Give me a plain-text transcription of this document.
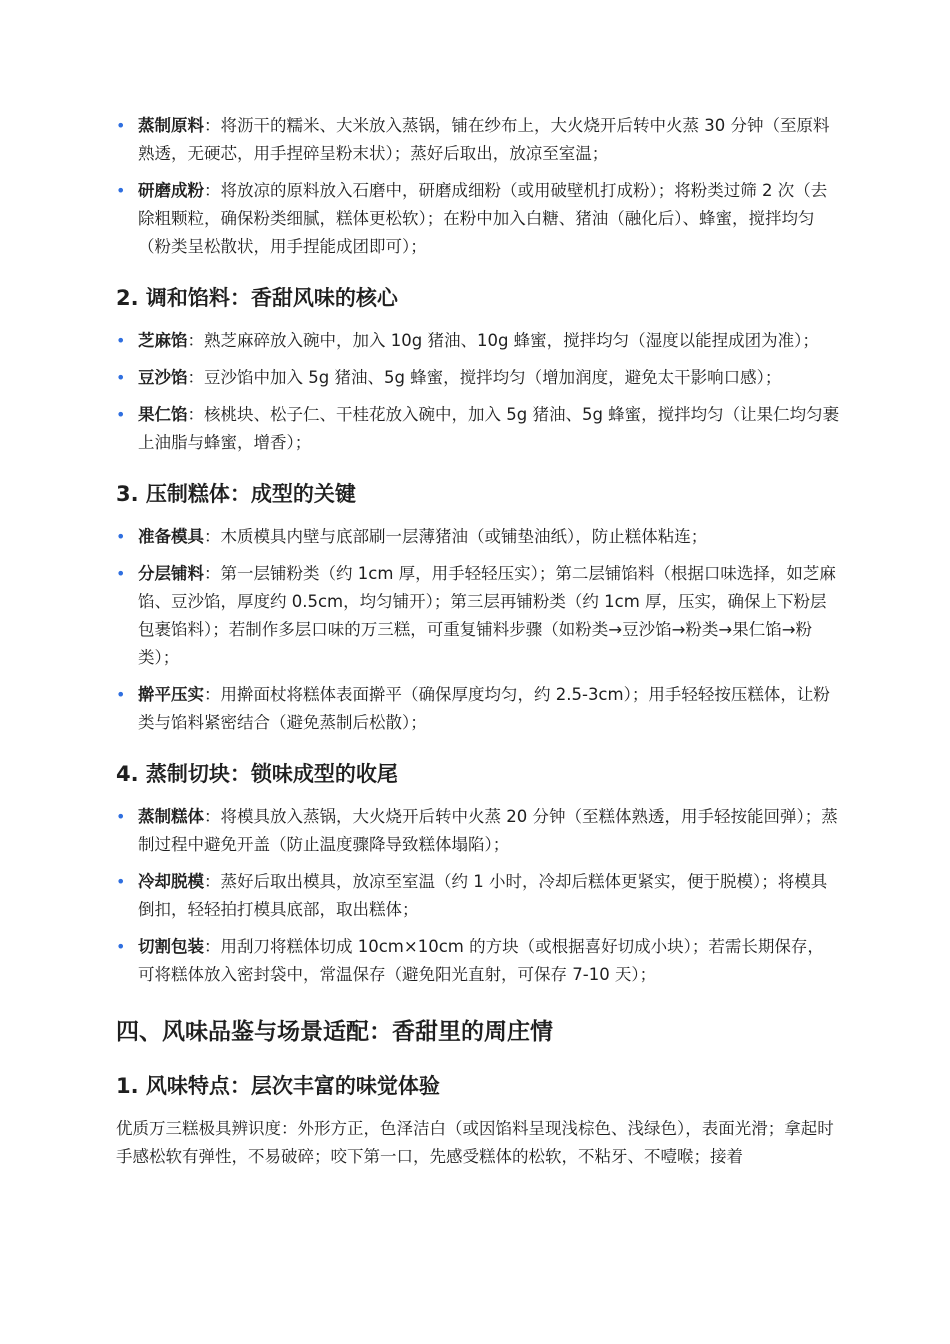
• 蒸制原料：将沥干的糯米、大米放入蒸锅，铺在纱布上，大火烧开后转中火蒸 30 分钟（至原料熟透，无硬芯，用手捏碎呈粉末状）；蒸好后取出，放凉至室温；
• 研磨成粉：将放凉的原料放入石磨中，研磨成细粉（或用破壁机打成粉）；将粉类过筛 2 次（去除粗颗粒，确保粉类细腻，糕体更松软）；在粉中加入白糖、猪油（融化后）、蜂蜜，搅拌均匀（粉类呈松散状，用手捏能成团即可）；
2. 调和馅料：香甜风味的核心
• 芝麻馅：熟芝麻碎放入碗中，加入 10g 猪油、10g 蜂蜜，搅拌均匀（湿度以能捏成团为准）；
• 豆沙馅：豆沙馅中加入 5g 猪油、5g 蜂蜜，搅拌均匀（增加润度，避免太干影响口感）；
• 果仁馅：核桃块、松子仁、干桂花放入碗中，加入 5g 猪油、5g 蜂蜜，搅拌均匀（让果仁均匀裹上油脂与蜂蜜，增香）；
3. 压制糕体：成型的关键
• 准备模具：木质模具内壁与底部刷一层薄猪油（或铺垫油纸），防止糕体粘连；
• 分层铺料：第一层铺粉类（约 1cm 厚，用手轻轻压实）；第二层铺馅料（根据口味选择，如芝麻馅、豆沙馅，厚度约 0.5cm，均匀铺开）；第三层再铺粉类（约 1cm 厚，压实，确保上下粉层包裹馅料）；若制作多层口味的万三糕，可重复铺料步骤（如粉类→豆沙馅→粉类→果仁馅→粉类）；
• 擀平压实：用擀面杖将糕体表面擀平（确保厚度均匀，约 2.5-3cm）；用手轻轻按压糕体，让粉类与馅料紧密结合（避免蒸制后松散）；
4. 蒸制切块：锁味成型的收尾
• 蒸制糕体：将模具放入蒸锅，大火烧开后转中火蒸 20 分钟（至糕体熟透，用手轻按能回弹）；蒸制过程中避免开盖（防止温度骤降导致糕体塌陷）；
• 冷却脱模：蒸好后取出模具，放凉至室温（约 1 小时，冷却后糕体更紧实，便于脱模）；将模具倒扣，轻轻拍打模具底部，取出糕体；
• 切割包装：用刮刀将糕体切成 10cm×10cm 的方块（或根据喜好切成小块）；若需长期保存，可将糕体放入密封袋中，常温保存（避免阳光直射，可保存 7-10 天）；
四、风味品鉴与场景适配：香甜里的周庄情
1. 风味特点：层次丰富的味觉体验

优质万三糕极具辨识度：外形方正，色泽洁白（或因馅料呈现浅棕色、浅绿色），表面光滑；拿起时手感松软有弹性，不易破碎；咬下第一口，先感受糕体的松软，不粘牙、不噎喉；接着
